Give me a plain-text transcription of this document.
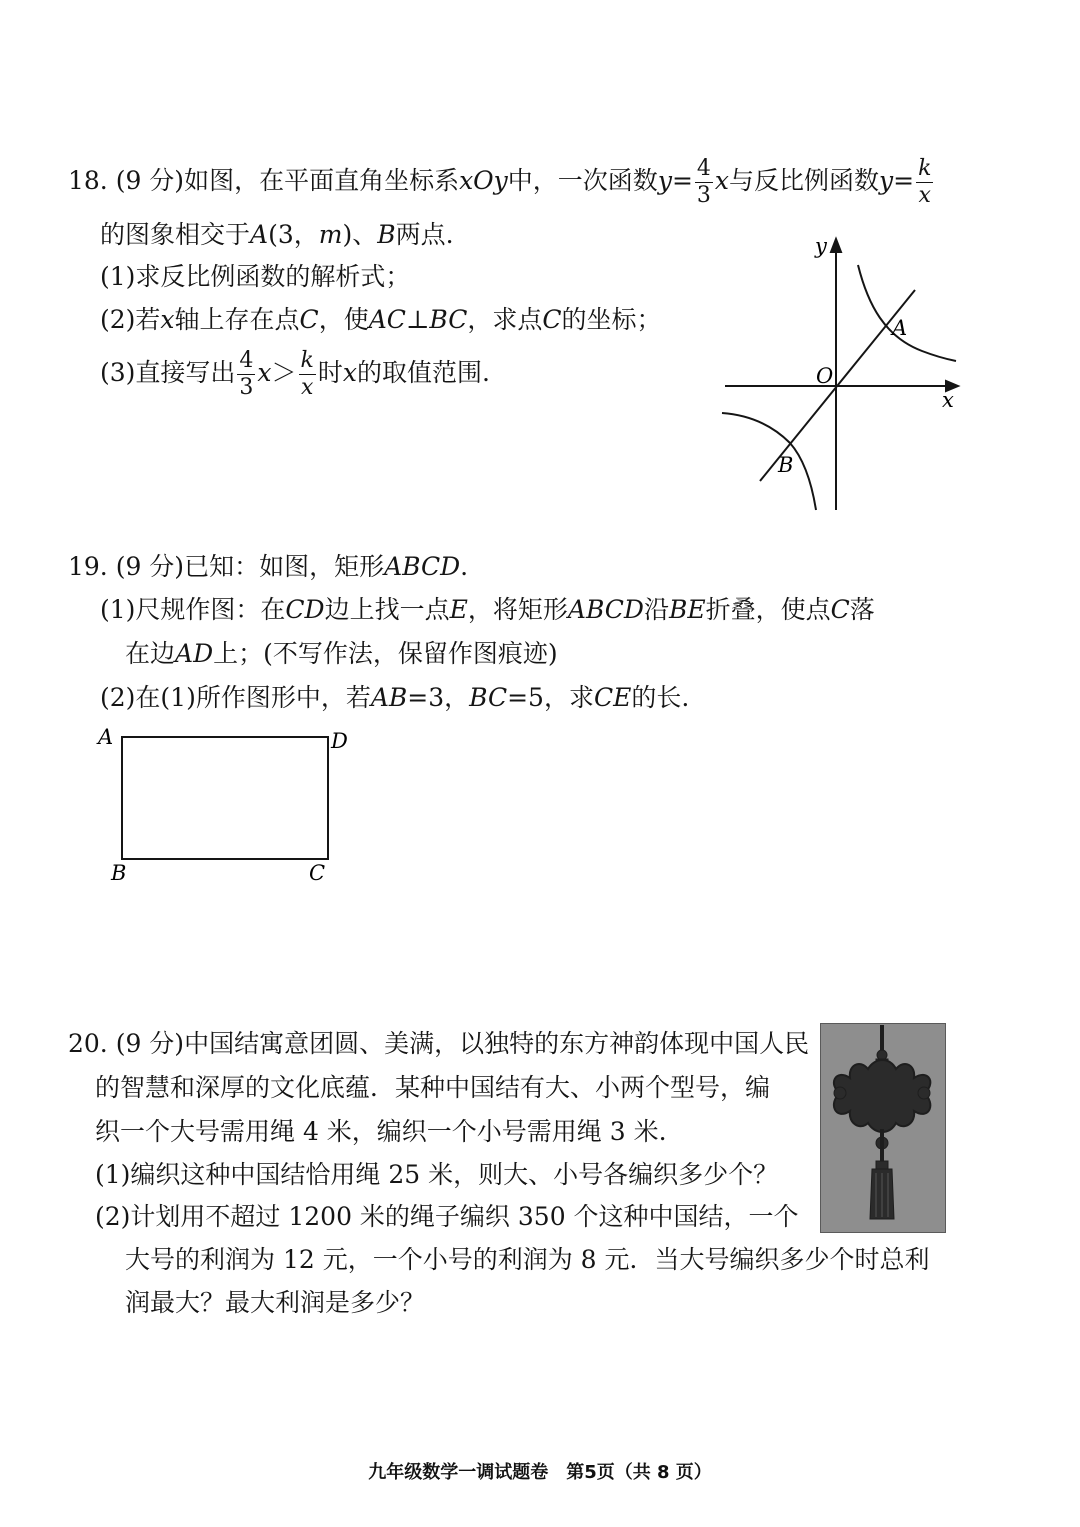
18. (9 分)如图，在平面直角坐标系xOy中，一次函数$y= \frac{4}{3}$ x与反比例函数$y= \frac{k}{x}$
的图象相交于A(3，m)、B两点.
(1)求反比例函数的解析式；
(2)若x轴上存在点C，使AC⊥BC，求点C的坐标；
(3)直接写出 $\frac{4}{3} x> \frac{k}{x}$ 时x的取值范围.
y
x
O
A
B
19. (9 分)已知：如图，矩形ABCD.
(1)尺规作图：在CD边上找一点E，将矩形ABCD沿BE折叠，使点C落
在边AD上；(不写作法，保留作图痕迹)
(2)在(1)所作图形中，若AB=3，BC=5，求CE的长.
A	D
B	C
20. (9 分)中国结寓意团圆、美满，以独特的东方神韵体现中国人民
的智慧和深厚的文化底蕴．某种中国结有大、小两个型号，编
织一个大号需用绳 4 米，编织一个小号需用绳 3 米.
(1)编织这种中国结恰用绳 25 米，则大、小号各编织多少个？
(2)计划用不超过 1200 米的绳子编织 350 个这种中国结，一个
大号的利润为 12 元，一个小号的利润为 8 元．当大号编织多少个时总利
润最大？最大利润是多少？
九年级数学一调试题卷　第5页（共 8 页）
